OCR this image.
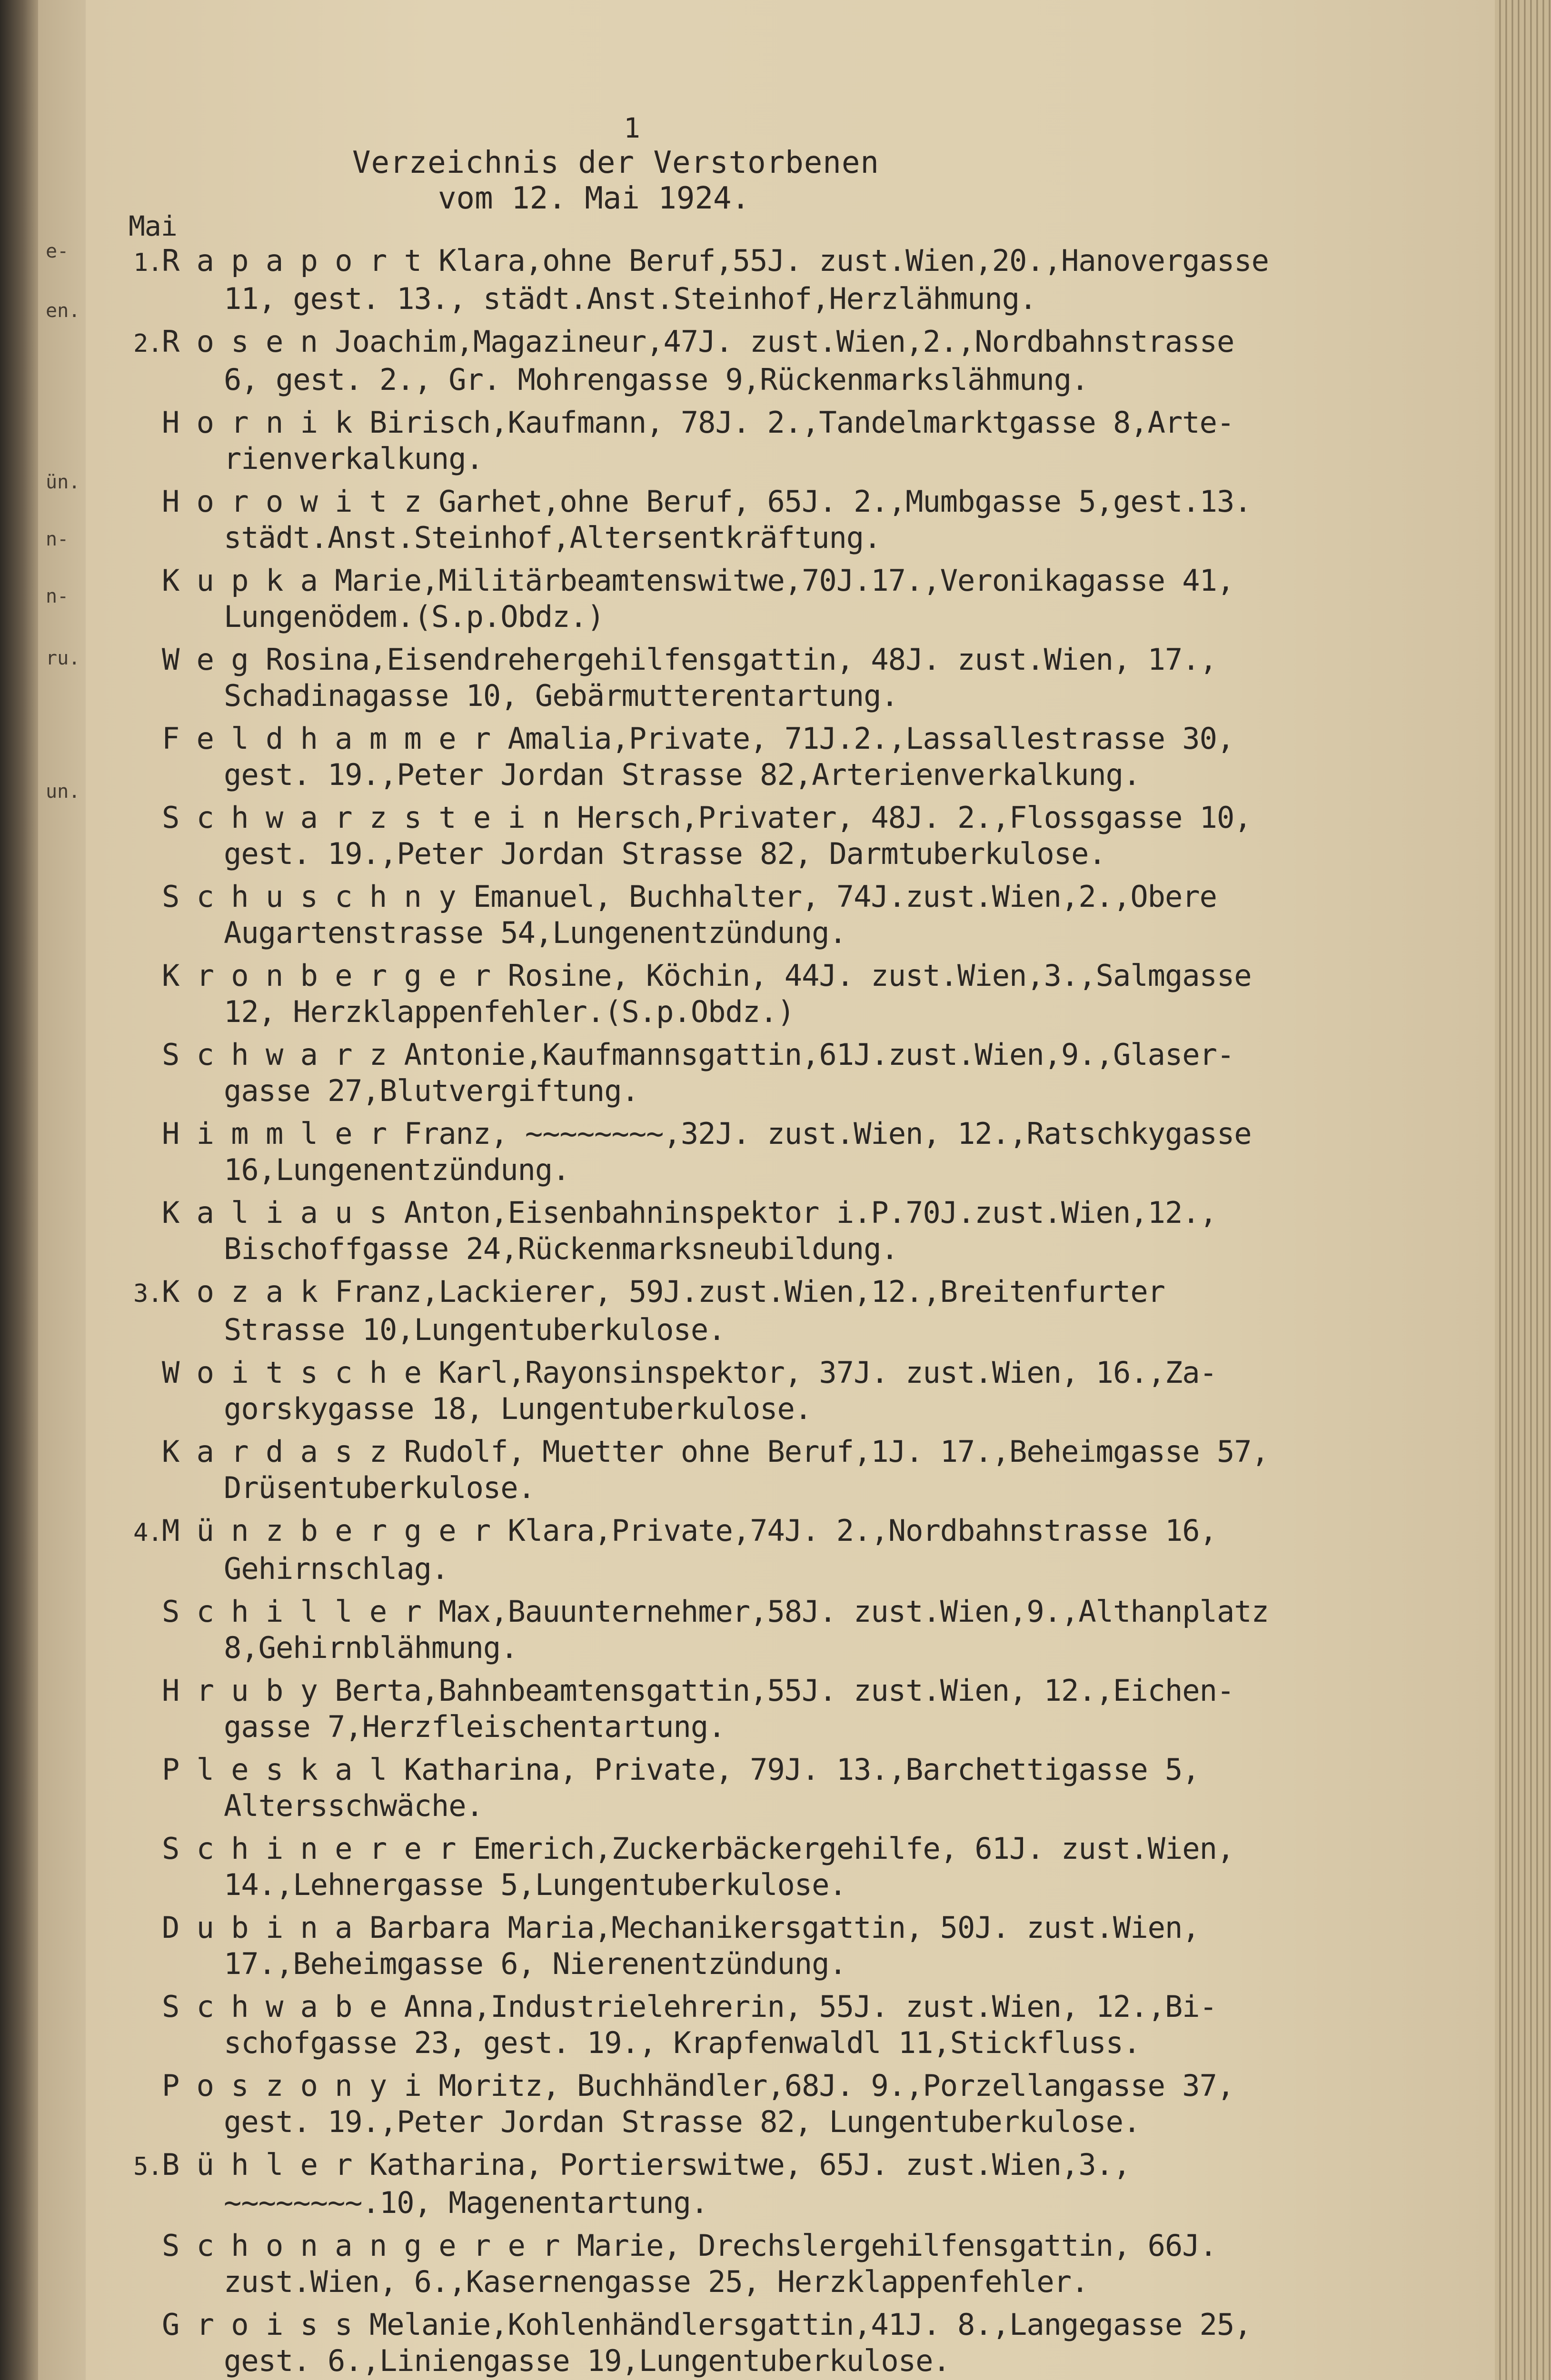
e-
en.
ün.
n-
n-
ru.
un.
1
Verzeichnis der Verstorbenen
vom 12. Mai 1924.
Mai
1.R a p a p o r t Klara,ohne Beruf,55J. zust.Wien,20.,Hanovergasse
11, gest. 13., städt.Anst.Steinhof,Herzlähmung.
2.R o s e n Joachim,Magazineur,47J. zust.Wien,2.,Nordbahnstrasse
6, gest. 2., Gr. Mohrengasse 9,Rückenmarkslähmung.
H o r n i k Birisch,Kaufmann, 78J. 2.,Tandelmarktgasse 8,Arte-
rienverkalkung.
H o r o w i t z Garhet,ohne Beruf, 65J. 2.,Mumbgasse 5,gest.13.
städt.Anst.Steinhof,Altersentkräftung.
K u p k a Marie,Militärbeamtenswitwe,70J.17.,Veronikagasse 41,
Lungenödem.(S.p.Obdz.)
W e g Rosina,Eisendrehergehilfensgattin, 48J. zust.Wien, 17.,
Schadinagasse 10, Gebärmutterentartung.
F e l d h a m m e r Amalia,Private, 71J.2.,Lassallestrasse 30,
gest. 19.,Peter Jordan Strasse 82,Arterienverkalkung.
S c h w a r z s t e i n Hersch,Privater, 48J. 2.,Flossgasse 10,
gest. 19.,Peter Jordan Strasse 82, Darmtuberkulose.
S c h u s c h n y Emanuel, Buchhalter, 74J.zust.Wien,2.,Obere
Augartenstrasse 54,Lungenentzündung.
K r o n b e r g e r Rosine, Köchin, 44J. zust.Wien,3.,Salmgasse
12, Herzklappenfehler.(S.p.Obdz.)
S c h w a r z Antonie,Kaufmannsgattin,61J.zust.Wien,9.,Glaser-
gasse 27,Blutvergiftung.
H i m m l e r Franz, ~~~~~~~~,32J. zust.Wien, 12.,Ratschkygasse
16,Lungenentzündung.
K a l i a u s Anton,Eisenbahninspektor i.P.70J.zust.Wien,12.,
Bischoffgasse 24,Rückenmarksneubildung.
3.K o z a k Franz,Lackierer, 59J.zust.Wien,12.,Breitenfurter
Strasse 10,Lungentuberkulose.
W o i t s c h e Karl,Rayonsinspektor, 37J. zust.Wien, 16.,Za-
gorskygasse 18, Lungentuberkulose.
K a r d a s z Rudolf, Muetter ohne Beruf,1J. 17.,Beheimgasse 57,
Drüsentuberkulose.
4.M ü n z b e r g e r Klara,Private,74J. 2.,Nordbahnstrasse 16,
Gehirnschlag.
S c h i l l e r Max,Bauunternehmer,58J. zust.Wien,9.,Althanplatz
8,Gehirnblähmung.
H r u b y Berta,Bahnbeamtensgattin,55J. zust.Wien, 12.,Eichen-
gasse 7,Herzfleischentartung.
P l e s k a l Katharina, Private, 79J. 13.,Barchettigasse 5,
Altersschwäche.
S c h i n e r e r Emerich,Zuckerbäckergehilfe, 61J. zust.Wien,
14.,Lehnergasse 5,Lungentuberkulose.
D u b i n a Barbara Maria,Mechanikersgattin, 50J. zust.Wien,
17.,Beheimgasse 6, Nierenentzündung.
S c h w a b e Anna,Industrielehrerin, 55J. zust.Wien, 12.,Bi-
schofgasse 23, gest. 19., Krapfenwaldl 11,Stickfluss.
P o s z o n y i Moritz, Buchhändler,68J. 9.,Porzellangasse 37,
gest. 19.,Peter Jordan Strasse 82, Lungentuberkulose.
5.B ü h l e r Katharina, Portierswitwe, 65J. zust.Wien,3.,
~~~~~~~~.10, Magenentartung.
S c h o n a n g e r e r Marie, Drechslergehilfensgattin, 66J.
zust.Wien, 6.,Kasernengasse 25, Herzklappenfehler.
G r o i s s Melanie,Kohlenhändlersgattin,41J. 8.,Langegasse 25,
gest. 6.,Liniengasse 19,Lungentuberkulose.
